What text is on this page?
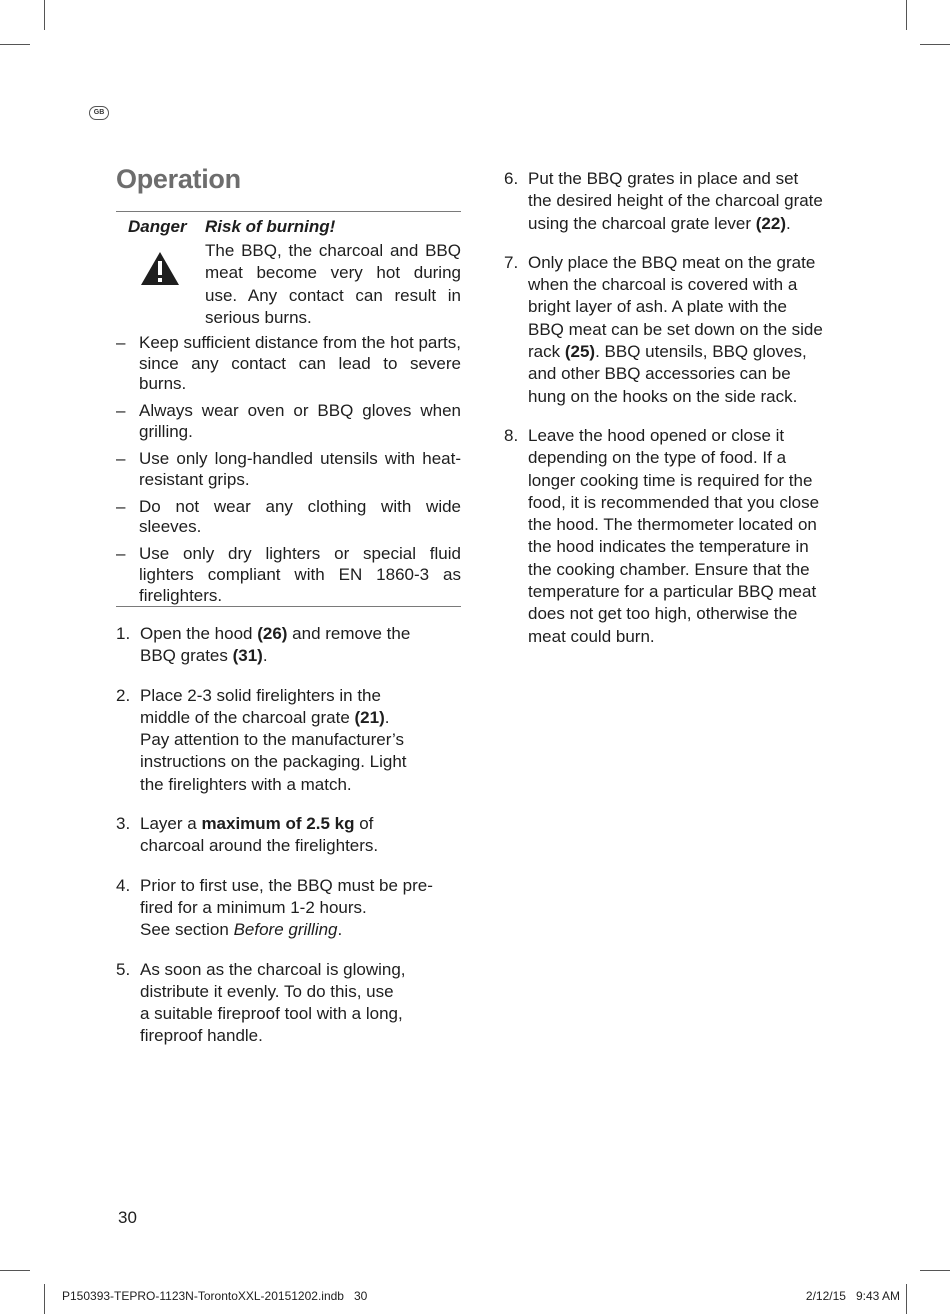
GB
Operation
Danger Risk of burning!
The BBQ, the charcoal and BBQ meat become very hot during use. Any contact can result in serious burns.
– Keep sufficient distance from the hot parts, since any contact can lead to severe burns.
– Always wear oven or BBQ gloves when grilling.
– Use only long-handled utensils with heat-resistant grips.
– Do not wear any clothing with wide sleeves.
– Use only dry lighters or special fluid lighters compliant with EN 1860-3 as firelighters.
1. Open the hood (26) and remove the
BBQ grates (31).
2. Place 2-3 solid firelighters in the
middle of the charcoal grate (21).
Pay attention to the manufacturer’s
instructions on the packaging. Light
the firelighters with a match.
3. Layer a maximum of 2.5 kg of
charcoal around the firelighters.
4. Prior to first use, the BBQ must be pre-
fired for a minimum 1-2 hours.
See section Before grilling.
5. As soon as the charcoal is glowing,
distribute it evenly. To do this, use
a suitable fireproof tool with a long,
fireproof handle.
6. Put the BBQ grates in place and set
the desired height of the charcoal grate
using the charcoal grate lever (22).
7. Only place the BBQ meat on the grate
when the charcoal is covered with a
bright layer of ash. A plate with the
BBQ meat can be set down on the side
rack (25). BBQ utensils, BBQ gloves,
and other BBQ accessories can be
hung on the hooks on the side rack.
8. Leave the hood opened or close it
depending on the type of food. If a
longer cooking time is required for the
food, it is recommended that you close
the hood. The thermometer located on
the hood indicates the temperature in
the cooking chamber. Ensure that the
temperature for a particular BBQ meat
does not get too high, otherwise the
meat could burn.
30
P150393-TEPRO-1123N-TorontoXXL-20151202.indb   30	2/12/15   9:43 AM
